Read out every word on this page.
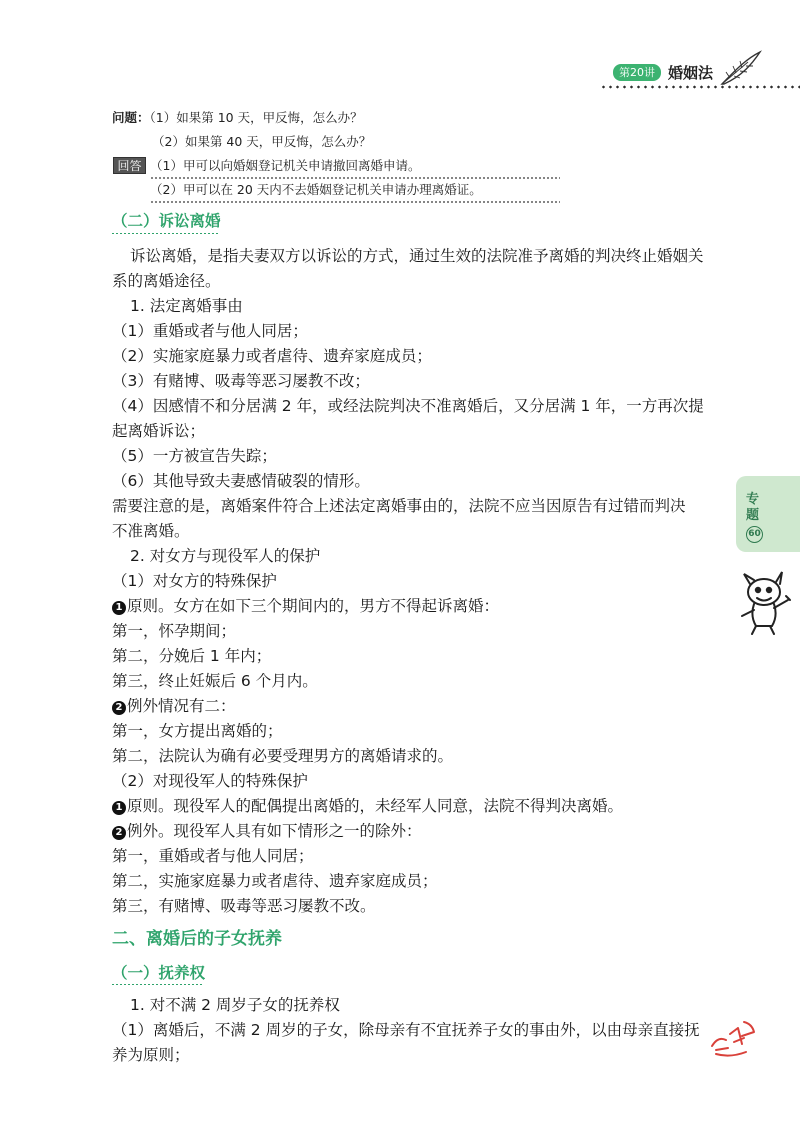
第20讲 婚姻法
问题：（1）如果第 10 天，甲反悔，怎么办？
（2）如果第 40 天，甲反悔，怎么办？
回答 （1）甲可以向婚姻登记机关申请撤回离婚申请。
（2）甲可以在 20 天内不去婚姻登记机关申请办理离婚证。
（二）诉讼离婚
诉讼离婚，是指夫妻双方以诉讼的方式，通过生效的法院准予离婚的判决终止婚姻关
系的离婚途径。
1. 法定离婚事由
（1）重婚或者与他人同居；
（2）实施家庭暴力或者虐待、遗弃家庭成员；
（3）有赌博、吸毒等恶习屡教不改；
（4）因感情不和分居满 2 年，或经法院判决不准离婚后，又分居满 1 年，一方再次提
起离婚诉讼；
（5）一方被宣告失踪；
（6）其他导致夫妻感情破裂的情形。
需要注意的是，离婚案件符合上述法定离婚事由的，法院不应当因原告有过错而判决
不准离婚。
2. 对女方与现役军人的保护
（1）对女方的特殊保护
1 原则。女方在如下三个期间内的，男方不得起诉离婚：
第一，怀孕期间；
第二，分娩后 1 年内；
第三，终止妊娠后 6 个月内。
2 例外情况有二：
第一，女方提出离婚的；
第二，法院认为确有必要受理男方的离婚请求的。
（2）对现役军人的特殊保护
1 原则。现役军人的配偶提出离婚的，未经军人同意，法院不得判决离婚。
2 例外。现役军人具有如下情形之一的除外：
第一，重婚或者与他人同居；
第二，实施家庭暴力或者虐待、遗弃家庭成员；
第三，有赌博、吸毒等恶习屡教不改。
二、离婚后的子女抚养
（一）抚养权
1. 对不满 2 周岁子女的抚养权
（1）离婚后，不满 2 周岁的子女，除母亲有不宜抚养子女的事由外，以由母亲直接抚
养为原则；
专题
60
